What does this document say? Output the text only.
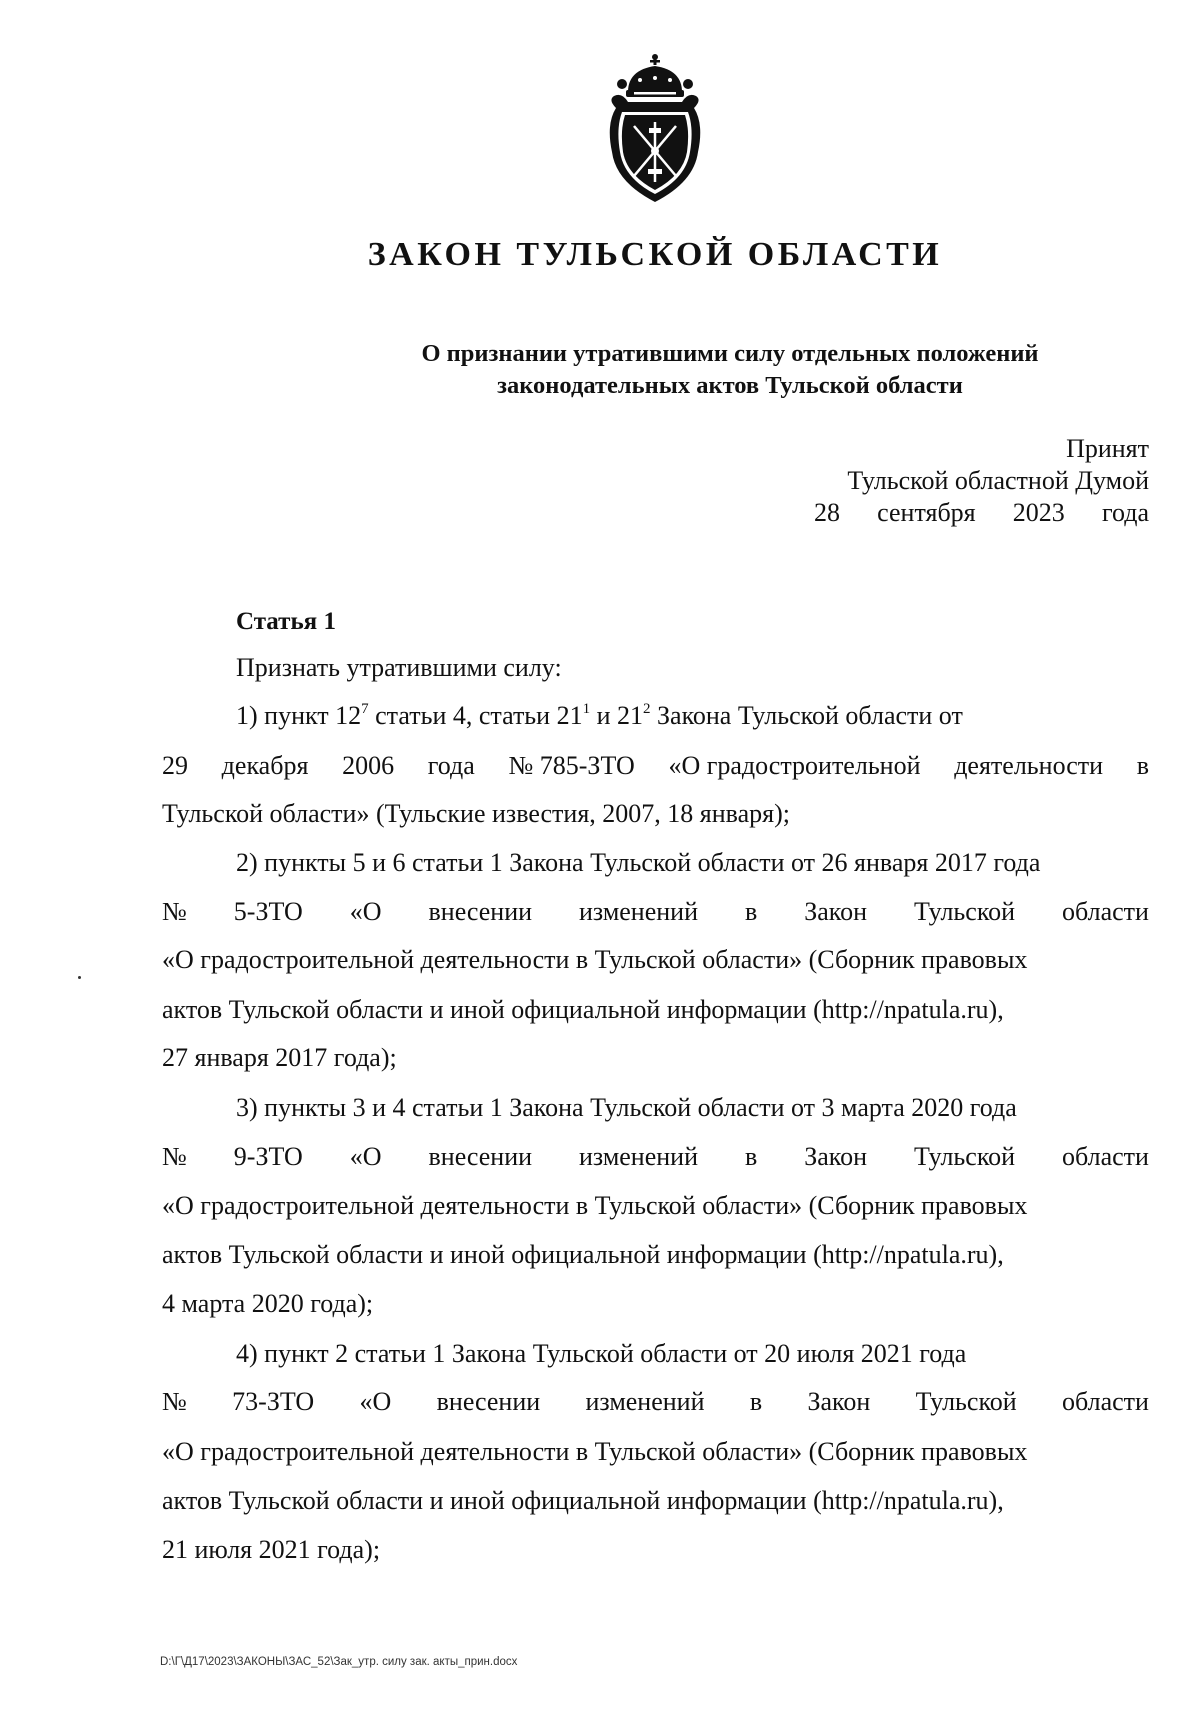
ЗАКОН ТУЛЬСКОЙ ОБЛАСТИ
О признании утратившими силу отдельных положений
законодательных актов Тульской области
Принят
Тульской областной Думой
28 сентября 2023 года
Статья 1
Признать утратившими силу:
1) пункт $12^7$ статьи 4, статьи $21^1$ и $21^2$ Закона Тульской области от
29 декабря 2006 года № 785-ЗТО «О градостроительной деятельности в
Тульской области» (Тульские известия, 2007, 18 января);
2) пункты 5 и 6 статьи 1 Закона Тульской области от 26 января 2017 года
№ 5-ЗТО «О внесении изменений в Закон Тульской области
«О градостроительной деятельности в Тульской области» (Сборник правовых
актов Тульской области и иной официальной информации (http://npatula.ru),
27 января 2017 года);
3) пункты 3 и 4 статьи 1 Закона Тульской области от 3 марта 2020 года
№ 9-ЗТО «О внесении изменений в Закон Тульской области
«О градостроительной деятельности в Тульской области» (Сборник правовых
актов Тульской области и иной официальной информации (http://npatula.ru),
4 марта 2020 года);
4) пункт 2 статьи 1 Закона Тульской области от 20 июля 2021 года
№ 73-ЗТО «О внесении изменений в Закон Тульской области
«О градостроительной деятельности в Тульской области» (Сборник правовых
актов Тульской области и иной официальной информации (http://npatula.ru),
21 июля 2021 года);
D:\Г\Д17\2023\ЗАКОНЫ\ЗАС_52\Зак_утр. силу зак. акты_прин.docx
